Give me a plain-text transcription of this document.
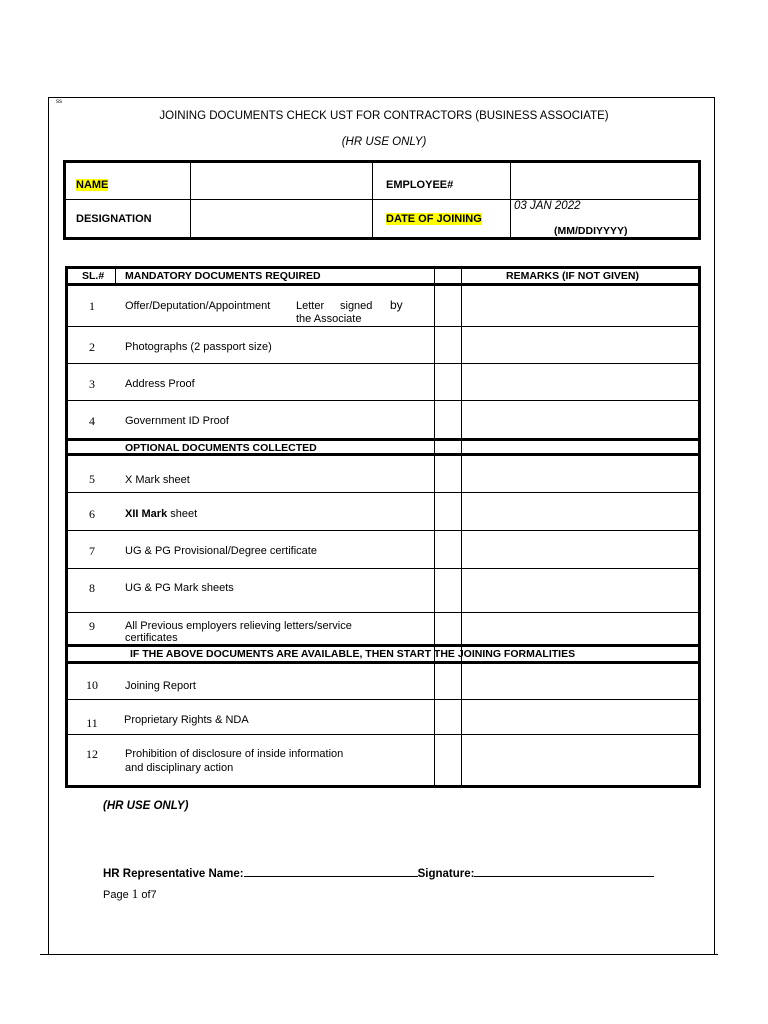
ss
JOINING DOCUMENTS CHECK UST FOR CONTRACTORS (BUSINESS ASSOCIATE)
(HR USE ONLY)
NAME	EMPLOYEE#
DESIGNATION	DATE OF JOINING
03 JAN 2022
(MM/DDIYYYY)
SL.# MANDATORY DOCUMENTS REQUIRED	REMARKS (IF NOT GIVEN)
1	Offer/Deputation/Appointment Letter signed by
the Associate
2	Photographs (2 passport size)
3	Address Proof
4	Government ID Proof
OPTIONAL DOCUMENTS COLLECTED
5	X Mark sheet
6	XII Mark sheet
7	UG & PG Provisional/Degree certificate
8	UG & PG Mark sheets
9	All Previous employers relieving letters/service
certificates
IF THE ABOVE DOCUMENTS ARE AVAILABLE, THEN START THE JOINING FORMALITIES
10	Joining Report
11	Proprietary Rights & NDA
12	Prohibition of disclosure of inside information
and disciplinary action
(HR USE ONLY)
HR Representative Name:	Signature:
Page 1 of7
